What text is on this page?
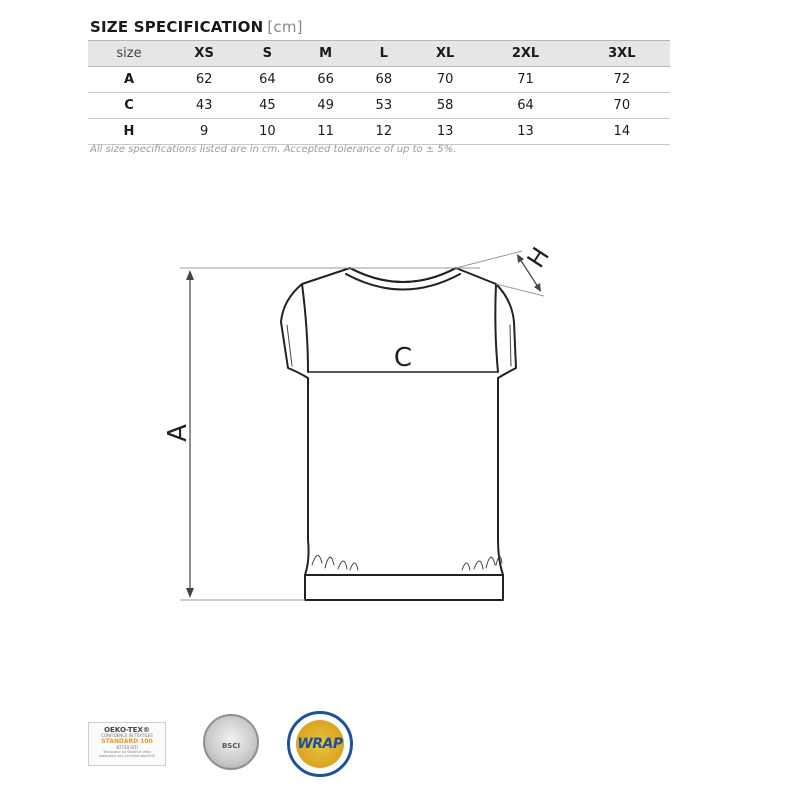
SIZE SPECIFICATION [cm]
size	XS	S	M	L	XL	2XL	3XL
A	62	64	66	68	70	71	72
C	43	45	49	53	58	64	70
H	9	10	11	12	13	13	14
All size specifications listed are in cm. Accepted tolerance of up to ± 5%.
C
A
H
OEKO-TEX®
CONFIDENCE IN TEXTILES
STANDARD 100
87720 ISTI
Testováno na škodlivé látky
www.oeko-tex.com/standard100
BSCI	WRAP
